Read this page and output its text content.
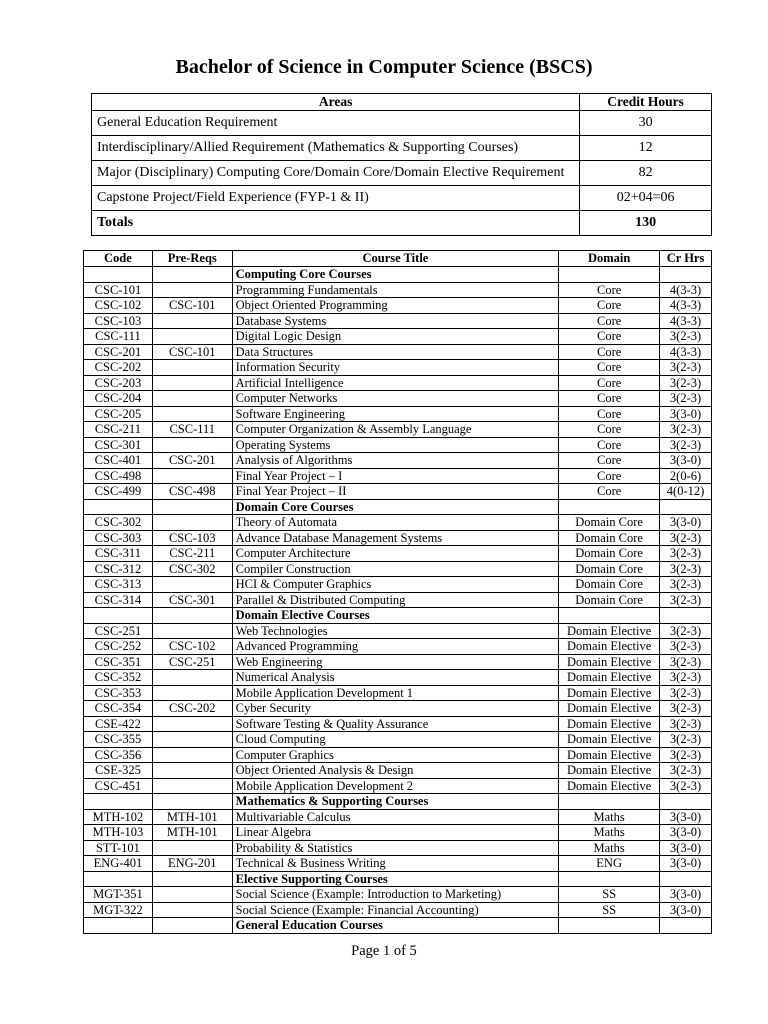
Bachelor of Science in Computer Science (BSCS)
Areas	Credit Hours
General Education Requirement	30
Interdisciplinary/Allied Requirement (Mathematics & Supporting Courses)	12
Major (Disciplinary) Computing Core/Domain Core/Domain Elective Requirement	82
Capstone Project/Field Experience (FYP-1 & II)	02+04=06
Totals	130
Code	Pre-Reqs	Course Title	Domain	Cr Hrs
		Computing Core Courses		
CSC-101		Programming Fundamentals	Core	4(3-3)
CSC-102	CSC-101	Object Oriented Programming	Core	4(3-3)
CSC-103		Database Systems	Core	4(3-3)
CSC-111		Digital Logic Design	Core	3(2-3)
CSC-201	CSC-101	Data Structures	Core	4(3-3)
CSC-202		Information Security	Core	3(2-3)
CSC-203		Artificial Intelligence	Core	3(2-3)
CSC-204		Computer Networks	Core	3(2-3)
CSC-205		Software Engineering	Core	3(3-0)
CSC-211	CSC-111	Computer Organization & Assembly Language	Core	3(2-3)
CSC-301		Operating Systems	Core	3(2-3)
CSC-401	CSC-201	Analysis of Algorithms	Core	3(3-0)
CSC-498		Final Year Project – I	Core	2(0-6)
CSC-499	CSC-498	Final Year Project – II	Core	4(0-12)
		Domain Core Courses		
CSC-302		Theory of Automata	Domain Core	3(3-0)
CSC-303	CSC-103	Advance Database Management Systems	Domain Core	3(2-3)
CSC-311	CSC-211	Computer Architecture	Domain Core	3(2-3)
CSC-312	CSC-302	Compiler Construction	Domain Core	3(2-3)
CSC-313		HCI & Computer Graphics	Domain Core	3(2-3)
CSC-314	CSC-301	Parallel & Distributed Computing	Domain Core	3(2-3)
		Domain Elective Courses		
CSC-251		Web Technologies	Domain Elective	3(2-3)
CSC-252	CSC-102	Advanced Programming	Domain Elective	3(2-3)
CSC-351	CSC-251	Web Engineering	Domain Elective	3(2-3)
CSC-352		Numerical Analysis	Domain Elective	3(2-3)
CSC-353		Mobile Application Development 1	Domain Elective	3(2-3)
CSC-354	CSC-202	Cyber Security	Domain Elective	3(2-3)
CSE-422		Software Testing & Quality Assurance	Domain Elective	3(2-3)
CSC-355		Cloud Computing	Domain Elective	3(2-3)
CSC-356		Computer Graphics	Domain Elective	3(2-3)
CSE-325		Object Oriented Analysis & Design	Domain Elective	3(2-3)
CSC-451		Mobile Application Development 2	Domain Elective	3(2-3)
		Mathematics & Supporting Courses		
MTH-102	MTH-101	Multivariable Calculus	Maths	3(3-0)
MTH-103	MTH-101	Linear Algebra	Maths	3(3-0)
STT-101		Probability & Statistics	Maths	3(3-0)
ENG-401	ENG-201	Technical & Business Writing	ENG	3(3-0)
		Elective Supporting Courses		
MGT-351		Social Science (Example: Introduction to Marketing)	SS	3(3-0)
MGT-322		Social Science (Example: Financial Accounting)	SS	3(3-0)
		General Education Courses		
Page 1 of 5
